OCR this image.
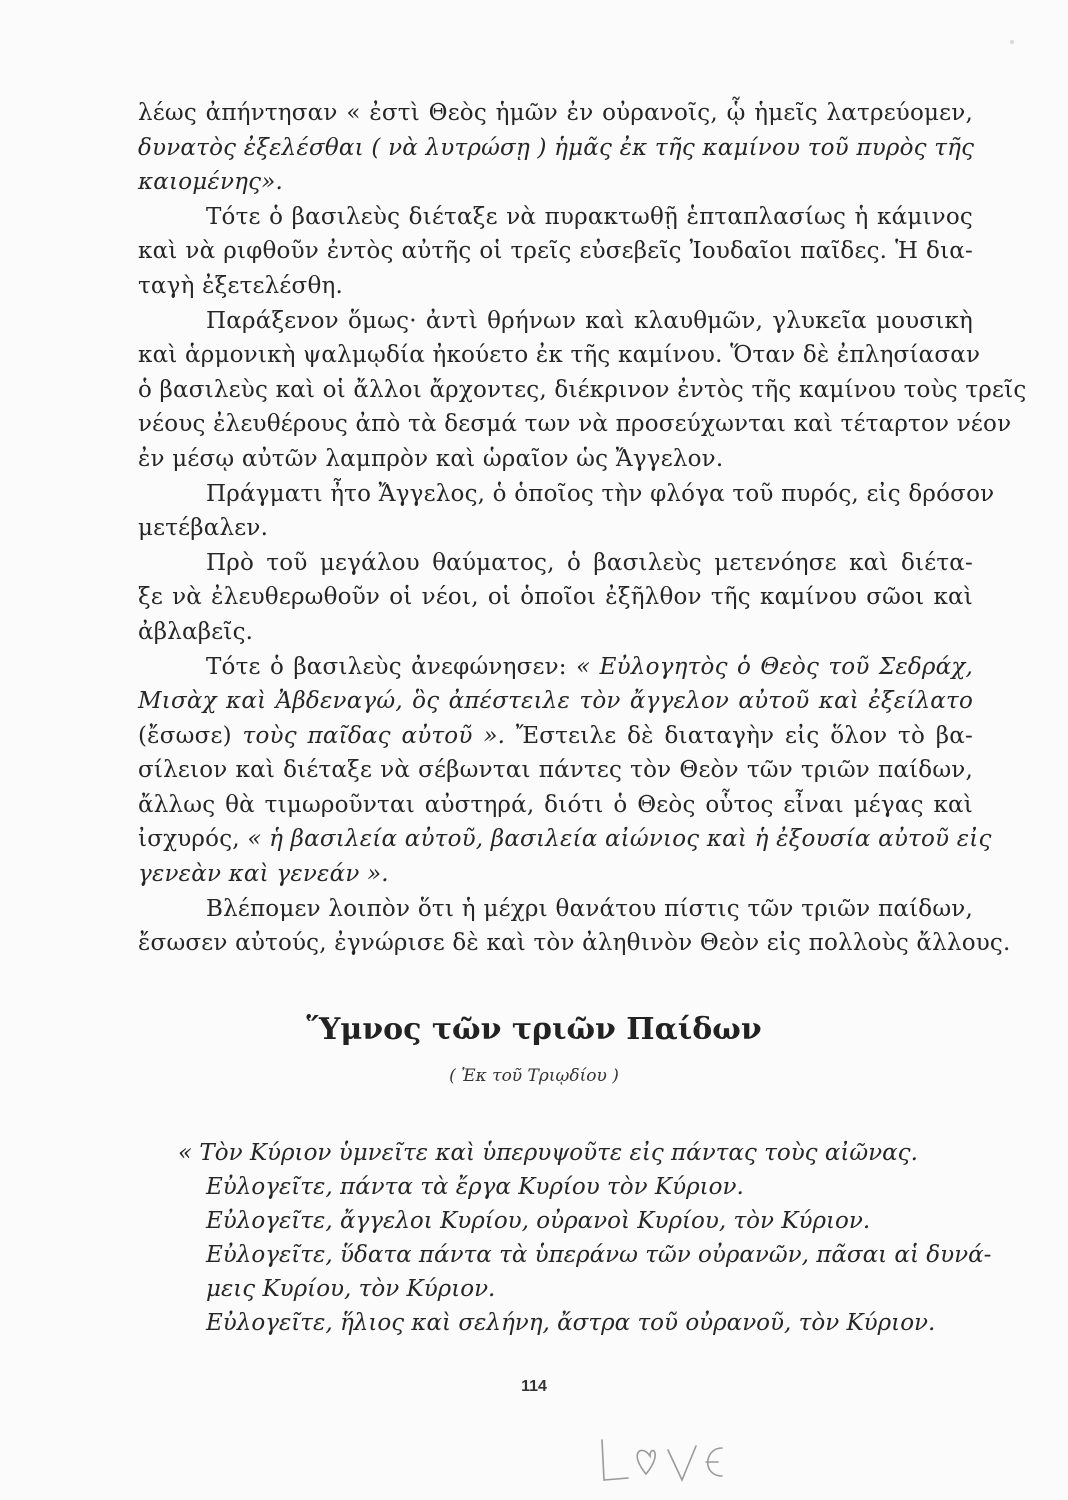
λέως ἀπήντησαν « ἐστὶ Θεὸς ἡμῶν ἐν οὐρανοῖς, ᾧ ἡμεῖς λατρεύομεν,
δυνατὸς ἐξελέσθαι ( νὰ λυτρώσῃ ) ἡμᾶς ἐκ τῆς καμίνου τοῦ πυρὸς τῆς
καιομένης».
Τότε ὁ βασιλεὺς διέταξε νὰ πυρακτωθῇ ἑπταπλασίως ἡ κάμινος
καὶ νὰ ριφθοῦν ἐντὸς αὐτῆς οἱ τρεῖς εὐσεβεῖς Ἰουδαῖοι παῖδες. Ἡ δια-
ταγὴ ἐξετελέσθη.
Παράξενον ὅμως· ἀντὶ θρήνων καὶ κλαυθμῶν, γλυκεῖα μουσικὴ
καὶ ἁρμονικὴ ψαλμῳδία ἠκούετο ἐκ τῆς καμίνου. Ὅταν δὲ ἐπλησίασαν
ὁ βασιλεὺς καὶ οἱ ἄλλοι ἄρχοντες, διέκρινον ἐντὸς τῆς καμίνου τοὺς τρεῖς
νέους ἐλευθέρους ἀπὸ τὰ δεσμά των νὰ προσεύχωνται καὶ τέταρτον νέον
ἐν μέσῳ αὐτῶν λαμπρὸν καὶ ὡραῖον ὡς Ἄγγελον.
Πράγματι ἦτο Ἄγγελος, ὁ ὁποῖος τὴν φλόγα τοῦ πυρός, εἰς δρόσον
μετέβαλεν.
Πρὸ τοῦ μεγάλου θαύματος, ὁ βασιλεὺς μετενόησε καὶ διέτα-
ξε νὰ ἐλευθερωθοῦν οἱ νέοι, οἱ ὁποῖοι ἐξῆλθον τῆς καμίνου σῶοι καὶ
ἀβλαβεῖς.
Τότε ὁ βασιλεὺς ἀνεφώνησεν: « Εὐλογητὸς ὁ Θεὸς τοῦ Σεδράχ,
Μισὰχ καὶ Ἀβδεναγώ, ὃς ἀπέστειλε τὸν ἄγγελον αὐτοῦ καὶ ἐξείλατο
(ἔσωσε) τοὺς παῖδας αὐτοῦ ». Ἔστειλε δὲ διαταγὴν εἰς ὅλον τὸ βα-
σίλειον καὶ διέταξε νὰ σέβωνται πάντες τὸν Θεὸν τῶν τριῶν παίδων,
ἄλλως θὰ τιμωροῦνται αὐστηρά, διότι ὁ Θεὸς οὗτος εἶναι μέγας καὶ
ἰσχυρός, « ἡ βασιλεία αὐτοῦ, βασιλεία αἰώνιος καὶ ἡ ἐξουσία αὐτοῦ εἰς
γενεὰν καὶ γενεάν ».
Βλέπομεν λοιπὸν ὅτι ἡ μέχρι θανάτου πίστις τῶν τριῶν παίδων,
ἔσωσεν αὐτούς, ἐγνώρισε δὲ καὶ τὸν ἀληθινὸν Θεὸν εἰς πολλοὺς ἄλλους.
Ὕμνος τῶν τριῶν Παίδων
( Ἐκ τοῦ Τριῳδίου )
« Τὸν Κύριον ὑμνεῖτε καὶ ὑπερυψοῦτε εἰς πάντας τοὺς αἰῶνας.
Εὐλογεῖτε, πάντα τὰ ἔργα Κυρίου τὸν Κύριον.
Εὐλογεῖτε, ἄγγελοι Κυρίου, οὐρανοὶ Κυρίου, τὸν Κύριον.
Εὐλογεῖτε, ὕδατα πάντα τὰ ὑπεράνω τῶν οὐρανῶν, πᾶσαι αἱ δυνά-
μεις Κυρίου, τὸν Κύριον.
Εὐλογεῖτε, ἥλιος καὶ σελήνη, ἄστρα τοῦ οὐρανοῦ, τὸν Κύριον.
114
